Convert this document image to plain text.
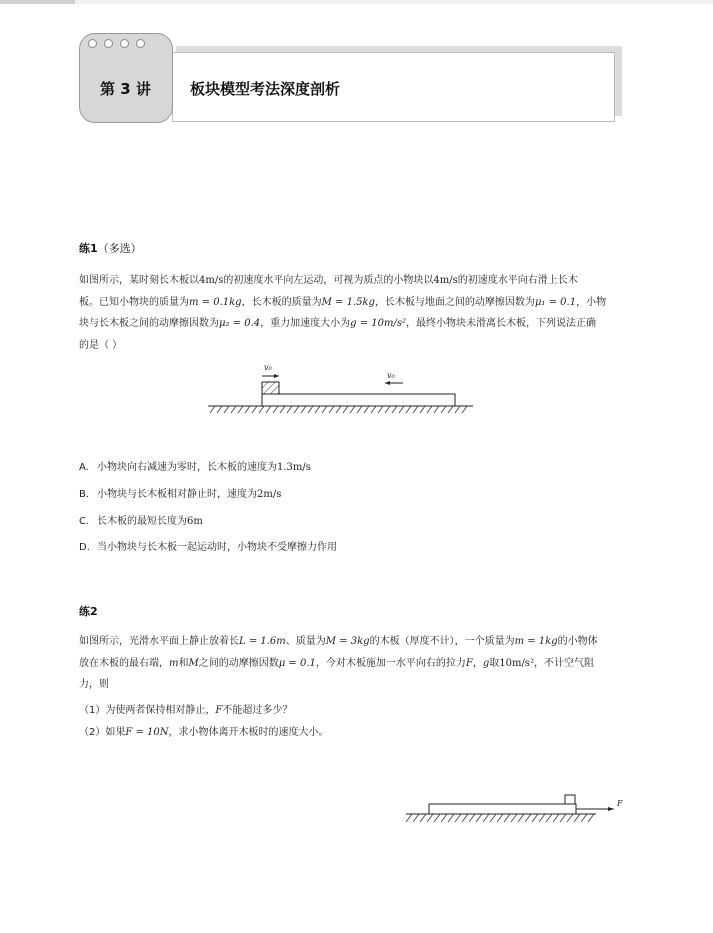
第 3 讲	板块模型考法深度剖析
练1（多选）
如图所示，某时刻长木板以4m/s的初速度水平向左运动，可视为质点的小物块以4m/s的初速度水平向右滑上长木
板。已知小物块的质量为m = 0.1kg，长木板的质量为M = 1.5kg，长木板与地面之间的动摩擦因数为μ₁ = 0.1，小物
块与长木板之间的动摩擦因数为μ₂ = 0.4，重力加速度大小为g = 10m/s²，最终小物块未滑离长木板，下列说法正确
的是（ ）
v₀
v₀
A. 小物块向右减速为零时，长木板的速度为1.3m/s
B. 小物块与长木板相对静止时，速度为2m/s
C. 长木板的最短长度为6m
D. 当小物块与长木板一起运动时，小物块不受摩擦力作用
练2
如图所示，光滑水平面上静止放着长L = 1.6m、质量为M = 3kg的木板（厚度不计），一个质量为m = 1kg的小物体
放在木板的最右端，m和M之间的动摩擦因数μ = 0.1，今对木板施加一水平向右的拉力F，g取10m/s²，不计空气阻
力，则
（1）为使两者保持相对静止，F不能超过多少？
（2）如果F = 10N，求小物体离开木板时的速度大小。
F
